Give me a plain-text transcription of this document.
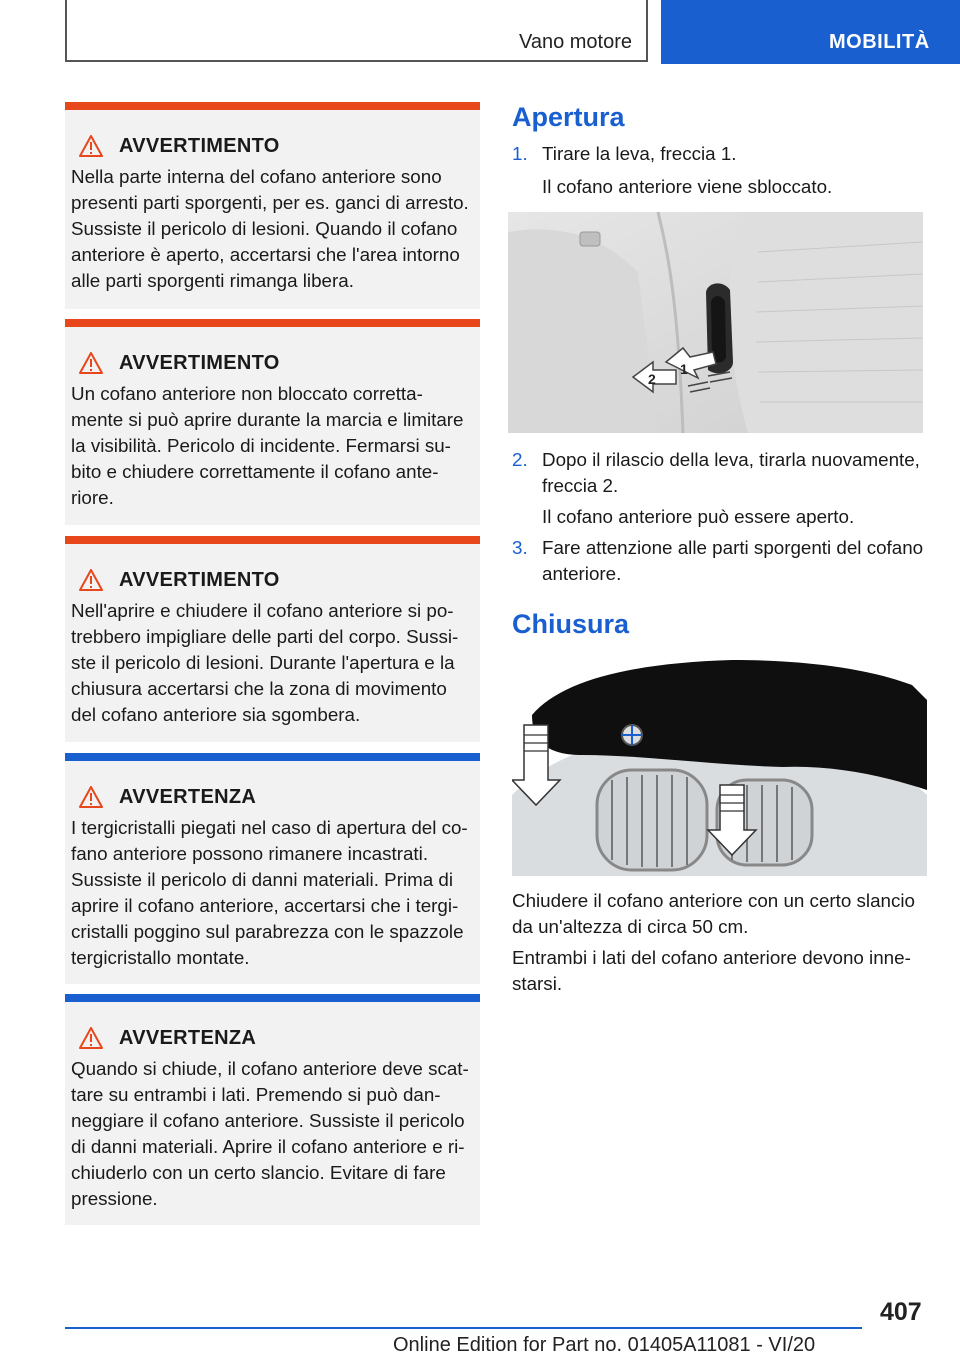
Vano motore	MOBILITÀ
AVVERTIMENTO
Nella parte interna del cofano anteriore sono
presenti parti sporgenti, per es. ganci di arresto.
Sussiste il pericolo di lesioni. Quando il cofano
anteriore è aperto, accertarsi che l'area intorno
alle parti sporgenti rimanga libera.
AVVERTIMENTO
Un cofano anteriore non bloccato corretta-
mente si può aprire durante la marcia e limitare
la visibilità. Pericolo di incidente. Fermarsi su-
bito e chiudere correttamente il cofano ante-
riore.
AVVERTIMENTO
Nell'aprire e chiudere il cofano anteriore si po-
trebbero impigliare delle parti del corpo. Sussi-
ste il pericolo di lesioni. Durante l'apertura e la
chiusura accertarsi che la zona di movimento
del cofano anteriore sia sgombera.
AVVERTENZA
I tergicristalli piegati nel caso di apertura del co-
fano anteriore possono rimanere incastrati.
Sussiste il pericolo di danni materiali. Prima di
aprire il cofano anteriore, accertarsi che i tergi-
cristalli poggino sul parabrezza con le spazzole
tergicristallo montate.
AVVERTENZA
Quando si chiude, il cofano anteriore deve scat-
tare su entrambi i lati. Premendo si può dan-
neggiare il cofano anteriore. Sussiste il pericolo
di danni materiali. Aprire il cofano anteriore e ri-
chiuderlo con un certo slancio. Evitare di fare
pressione.
Apertura
1. Tirare la leva, freccia 1.
Il cofano anteriore viene sbloccato.
2
1
2. Dopo il rilascio della leva, tirarla nuovamente,
freccia 2.
Il cofano anteriore può essere aperto.
3. Fare attenzione alle parti sporgenti del cofano
anteriore.
Chiusura
Chiudere il cofano anteriore con un certo slancio
da un'altezza di circa 50 cm.
Entrambi i lati del cofano anteriore devono inne-
starsi.
407
Online Edition for Part no. 01405A11081 - VI/20
